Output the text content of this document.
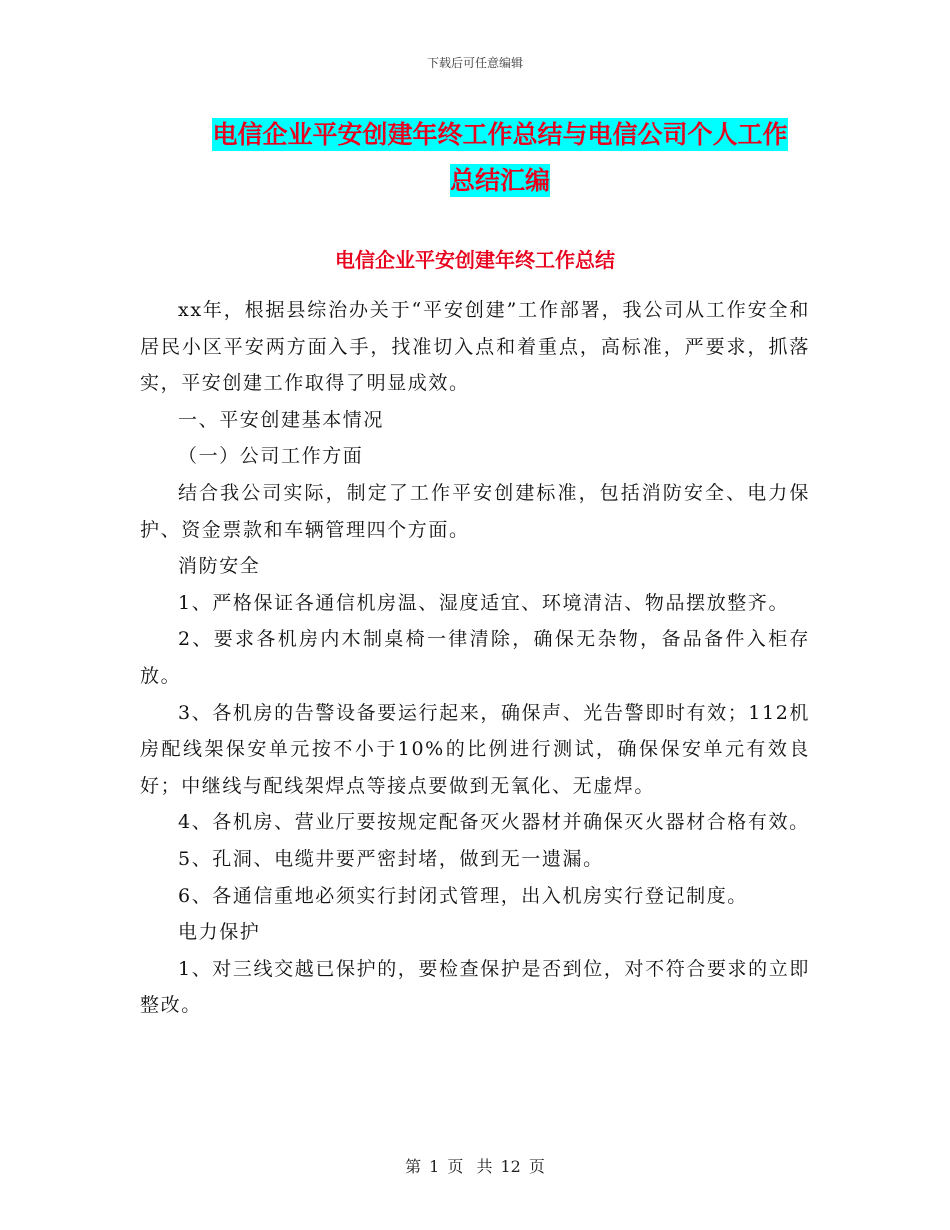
下载后可任意编辑
电信企业平安创建年终工作总结与电信公司个人工作
总结汇编
电信企业平安创建年终工作总结

xx年，根据县综治办关于“平安创建”工作部署，我公司从工作安全和居民小区平安两方面入手，找准切入点和着重点，高标准，严要求，抓落实，平安创建工作取得了明显成效。

一、平安创建基本情况

（一）公司工作方面

结合我公司实际，制定了工作平安创建标准，包括消防安全、电力保护、资金票款和车辆管理四个方面。

消防安全

1、严格保证各通信机房温、湿度适宜、环境清洁、物品摆放整齐。

2、要求各机房内木制桌椅一律清除，确保无杂物，备品备件入柜存放。

3、各机房的告警设备要运行起来，确保声、光告警即时有效；112机房配线架保安单元按不小于10%的比例进行测试，确保保安单元有效良好；中继线与配线架焊点等接点要做到无氧化、无虚焊。

4、各机房、营业厅要按规定配备灭火器材并确保灭火器材合格有效。

5、孔洞、电缆井要严密封堵，做到无一遗漏。

6、各通信重地必须实行封闭式管理，出入机房实行登记制度。

电力保护

1、对三线交越已保护的，要检查保护是否到位，对不符合要求的立即整改。

第 1 页 共 12 页
